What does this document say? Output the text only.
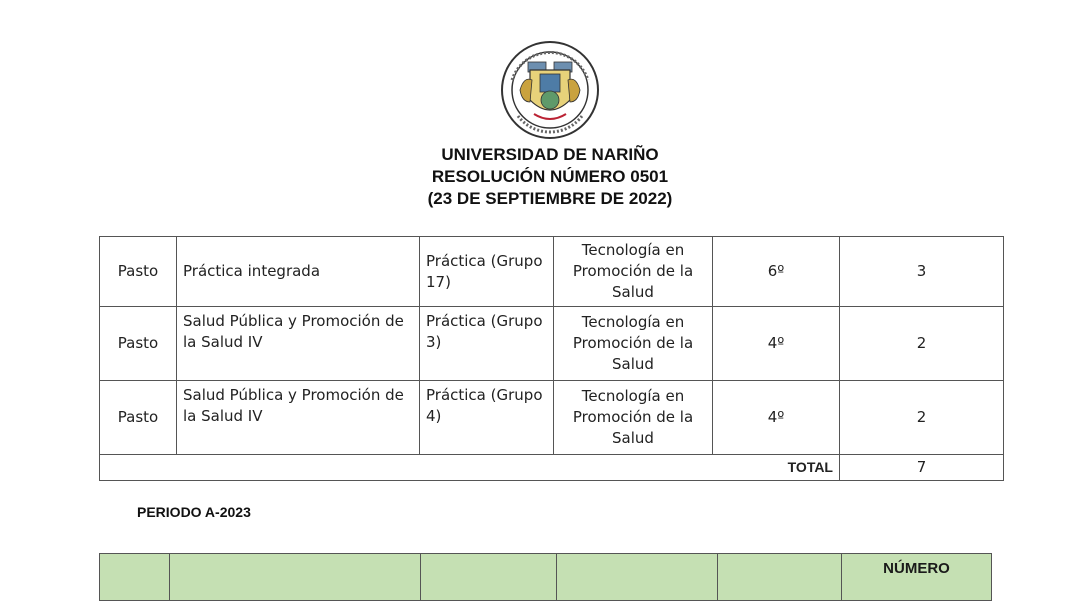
UNIVERSIDAD DE NARIÑO
RESOLUCIÓN NÚMERO 0501
(23 DE SEPTIEMBRE DE 2022)
Pasto	Práctica integrada	Práctica (Grupo 17)	Tecnología en Promoción de la Salud	6º	3
Pasto	Salud Pública y Promoción de la Salud IV	Práctica (Grupo 3)	Tecnología en Promoción de la Salud	4º	2
Pasto	Salud Pública y Promoción de la Salud IV	Práctica (Grupo 4)	Tecnología en Promoción de la Salud	4º	2
TOTAL					7
PERIODO A-2023
					NÚMERO
